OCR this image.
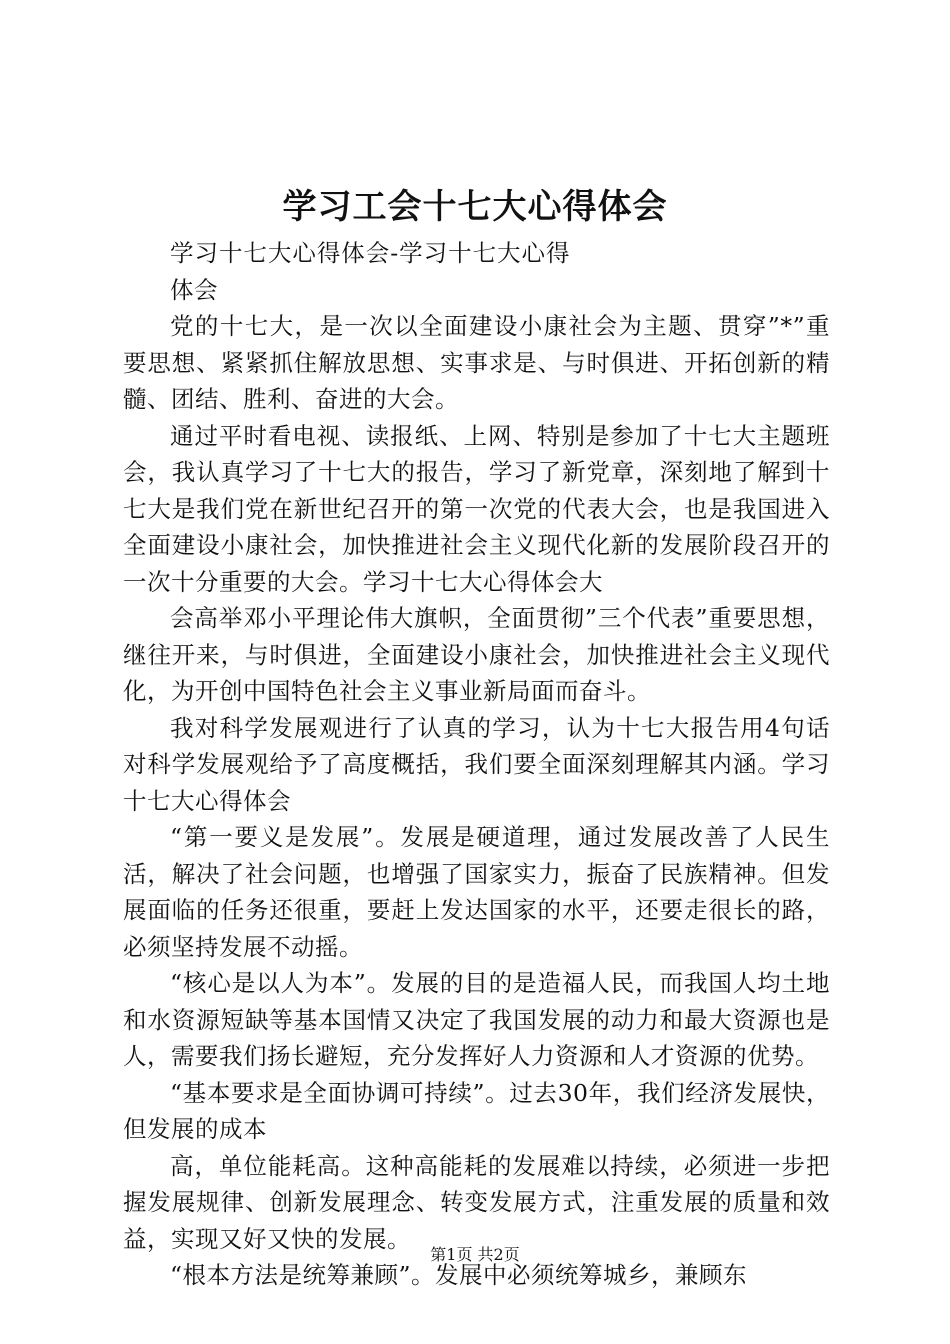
学习工会十七大心得体会

学习十七大心得体会-学习十七大心得体会

党的十七大，是一次以全面建设小康社会为主题、贯穿”*”重要思想、紧紧抓住解放思想、实事求是、与时俱进、开拓创新的精髓、团结、胜利、奋进的大会。

通过平时看电视、读报纸、上网、特别是参加了十七大主题班会，我认真学习了十七大的报告，学习了新党章，深刻地了解到十七大是我们党在新世纪召开的第一次党的代表大会，也是我国进入全面建设小康社会，加快推进社会主义现代化新的发展阶段召开的一次十分重要的大会。学习十七大心得体会大

会高举邓小平理论伟大旗帜，全面贯彻”三个代表”重要思想，继往开来，与时俱进，全面建设小康社会，加快推进社会主义现代化，为开创中国特色社会主义事业新局面而奋斗。

我对科学发展观进行了认真的学习，认为十七大报告用4句话对科学发展观给予了高度概括，我们要全面深刻理解其内涵。学习十七大心得体会

“第一要义是发展”。发展是硬道理，通过发展改善了人民生活，解决了社会问题，也增强了国家实力，振奋了民族精神。但发展面临的任务还很重，要赶上发达国家的水平，还要走很长的路，必须坚持发展不动摇。

“核心是以人为本”。发展的目的是造福人民，而我国人均土地和水资源短缺等基本国情又决定了我国发展的动力和最大资源也是人，需要我们扬长避短，充分发挥好人力资源和人才资源的优势。

“基本要求是全面协调可持续”。过去30年，我们经济发展快，但发展的成本

高，单位能耗高。这种高能耗的发展难以持续，必须进一步把握发展规律、创新发展理念、转变发展方式，注重发展的质量和效益，实现又好又快的发展。

“根本方法是统筹兼顾”。发展中必须统筹城乡，兼顾东

第1页 共2页
